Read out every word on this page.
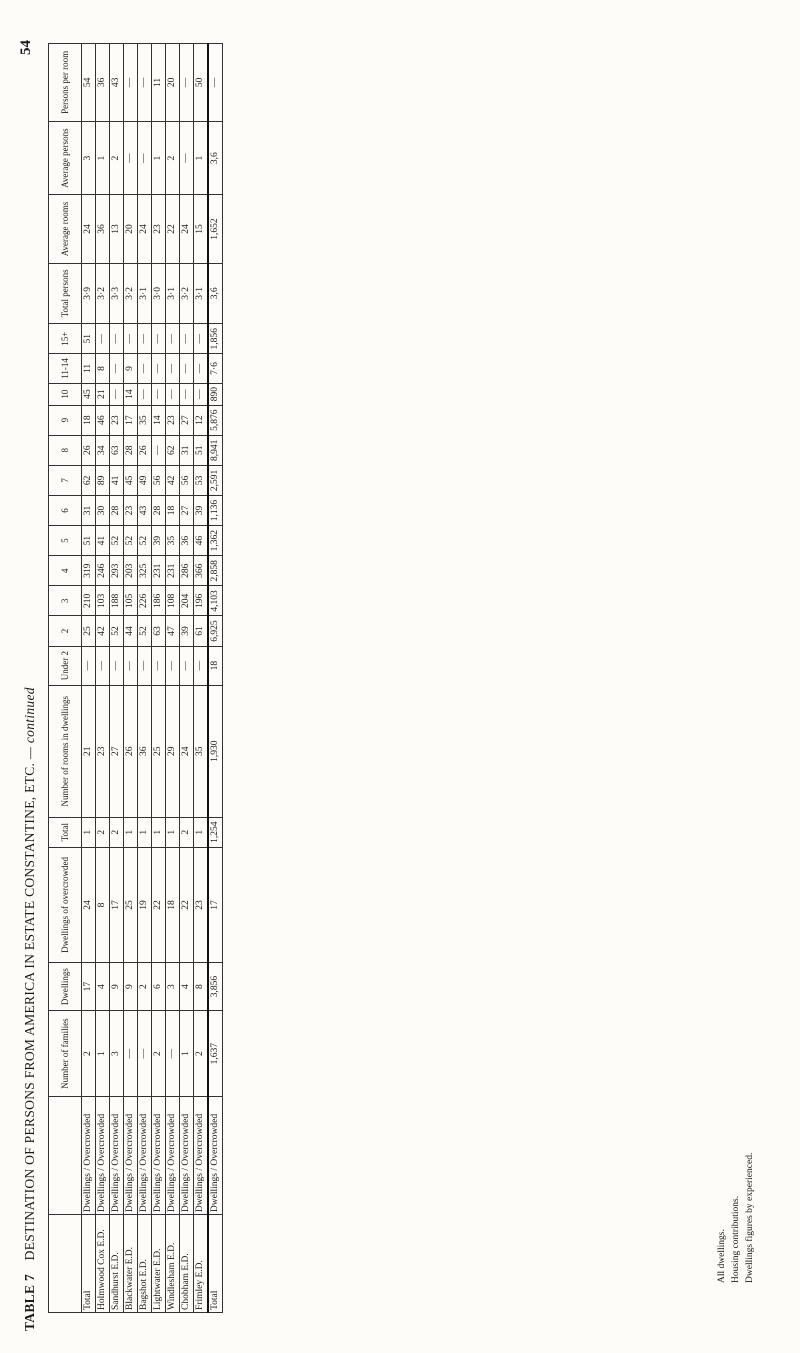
54
TABLE 7 DESTINATION OF PERSONS FROM AMERICA IN ESTATE CONSTANTINE, ETC. — continued
		Number of families	Dwellings	Dwellings of overcrowded	Total	Number of rooms in dwellings	Under 2	2	3	4	5	6	7	8	9	10	11-14	15+	Total persons	Average rooms	Average persons	Persons per room
Total	Dwellings / Overcrowded	2	17	24	1	21	—	25	210	319	51	31	62	26	18	45	11	51	3·9	24	3	54
Holmwood Cox E.D.	Dwellings / Overcrowded	1	4	8	2	23	—	42	103	246	41	30	89	34	46	21	8	—	3·2	36	1	36
Sandhurst E.D.	Dwellings / Overcrowded	3	9	17	2	27	—	52	188	293	52	28	41	63	23	—	—	—	3·3	13	2	43
Blackwater E.D.	Dwellings / Overcrowded	—	9	25	1	26	—	44	105	203	52	23	45	28	17	14	9	—	3·2	20	—	—
Bagshot E.D.	Dwellings / Overcrowded	—	2	19	1	36	—	52	226	325	52	43	49	26	35	—	—	—	3·1	24	—	—
Lightwater E.D.	Dwellings / Overcrowded	2	6	22	1	25	—	63	186	231	39	28	56	—	14	—	—	—	3·0	23	1	11
Windlesham E.D.	Dwellings / Overcrowded	—	3	18	1	29	—	47	108	231	35	18	42	62	23	—	—	—	3·1	22	2	20
Chobham E.D.	Dwellings / Overcrowded	1	4	22	2	24	—	39	204	286	36	27	56	31	27	—	—	—	3·2	24	—	—
Frimley E.D.	Dwellings / Overcrowded	2	8	23	1	35	—	61	196	366	46	39	53	51	12	—	—	—	3·1	15	1	50
Total	Dwellings / Overcrowded	1,637	3,856	17	1,254	1,930	18	6,925	4,103	2,858	1,362	1,136	2,591	8,941	5,876	890	7·6	1,856	3,6	1,652	3,6	—
All dwellings. Housing contributions. Dwellings figures by experienced.
